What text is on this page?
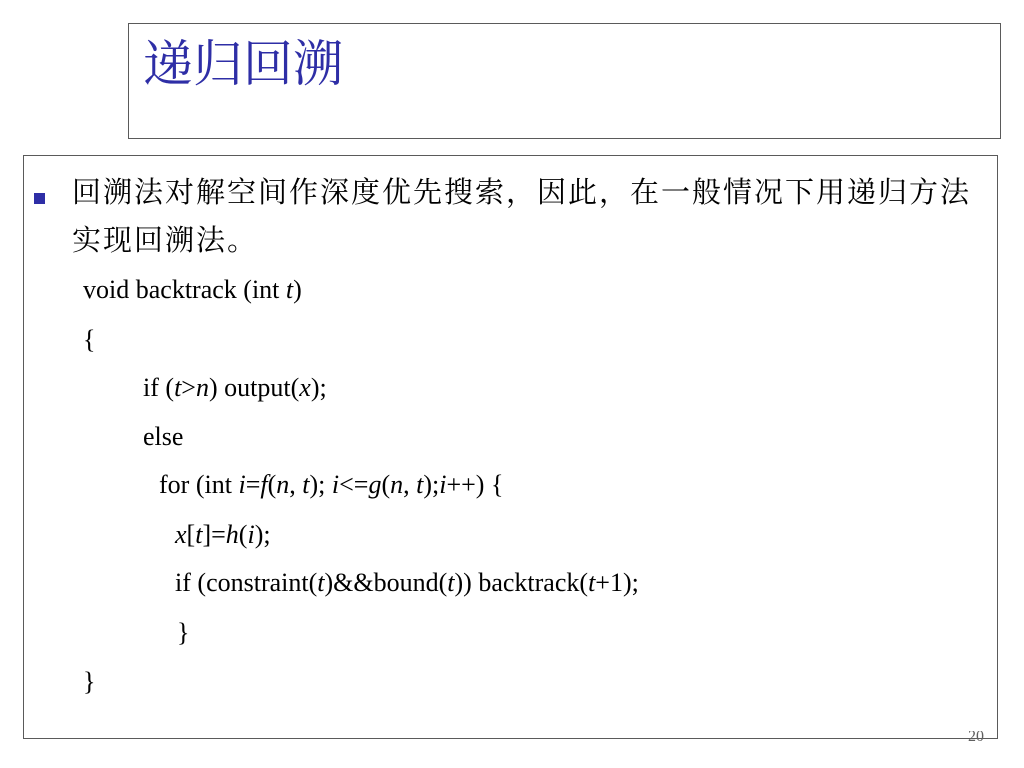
递归回溯
回溯法对解空间作深度优先搜索，因此，在一般情况下用递归方法实现回溯法。
void backtrack (int t)
{
if (t>n) output(x);
else
for (int i=f(n, t); i<=g(n, t);i++) {
x[t]=h(i);
if (constraint(t)&&bound(t)) backtrack(t+1);
}
}
20
